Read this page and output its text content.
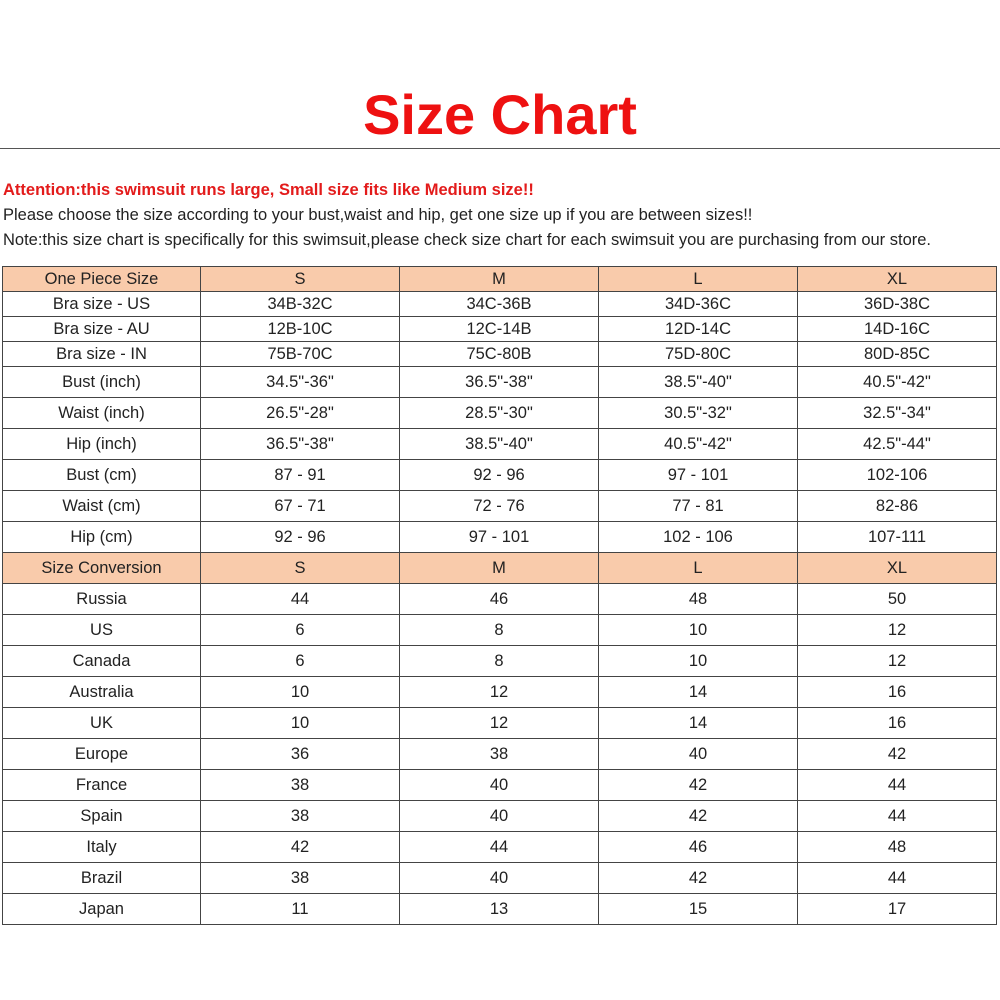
Size Chart
Attention:this swimsuit runs large, Small size fits like Medium size!!
Please choose the size according to your bust,waist and hip, get one size up if you are between sizes!!
Note:this size chart is specifically for this swimsuit,please check size chart for each swimsuit you are purchasing from our store.
One Piece Size	S	M	L	XL
Bra size - US	34B-32C	34C-36B	34D-36C	36D-38C
Bra size - AU	12B-10C	12C-14B	12D-14C	14D-16C
Bra size - IN	75B-70C	75C-80B	75D-80C	80D-85C
Bust (inch)	34.5"-36"	36.5"-38"	38.5"-40"	40.5"-42"
Waist (inch)	26.5"-28"	28.5"-30"	30.5"-32"	32.5"-34"
Hip (inch)	36.5"-38"	38.5"-40"	40.5"-42"	42.5"-44"
Bust (cm)	87 - 91	92 - 96	97 - 101	102-106
Waist (cm)	67 - 71	72 - 76	77 - 81	82-86
Hip (cm)	92 - 96	97 - 101	102 - 106	107-111
Size Conversion	S	M	L	XL
Russia	44	46	48	50
US	6	8	10	12
Canada	6	8	10	12
Australia	10	12	14	16
UK	10	12	14	16
Europe	36	38	40	42
France	38	40	42	44
Spain	38	40	42	44
Italy	42	44	46	48
Brazil	38	40	42	44
Japan	11	13	15	17
